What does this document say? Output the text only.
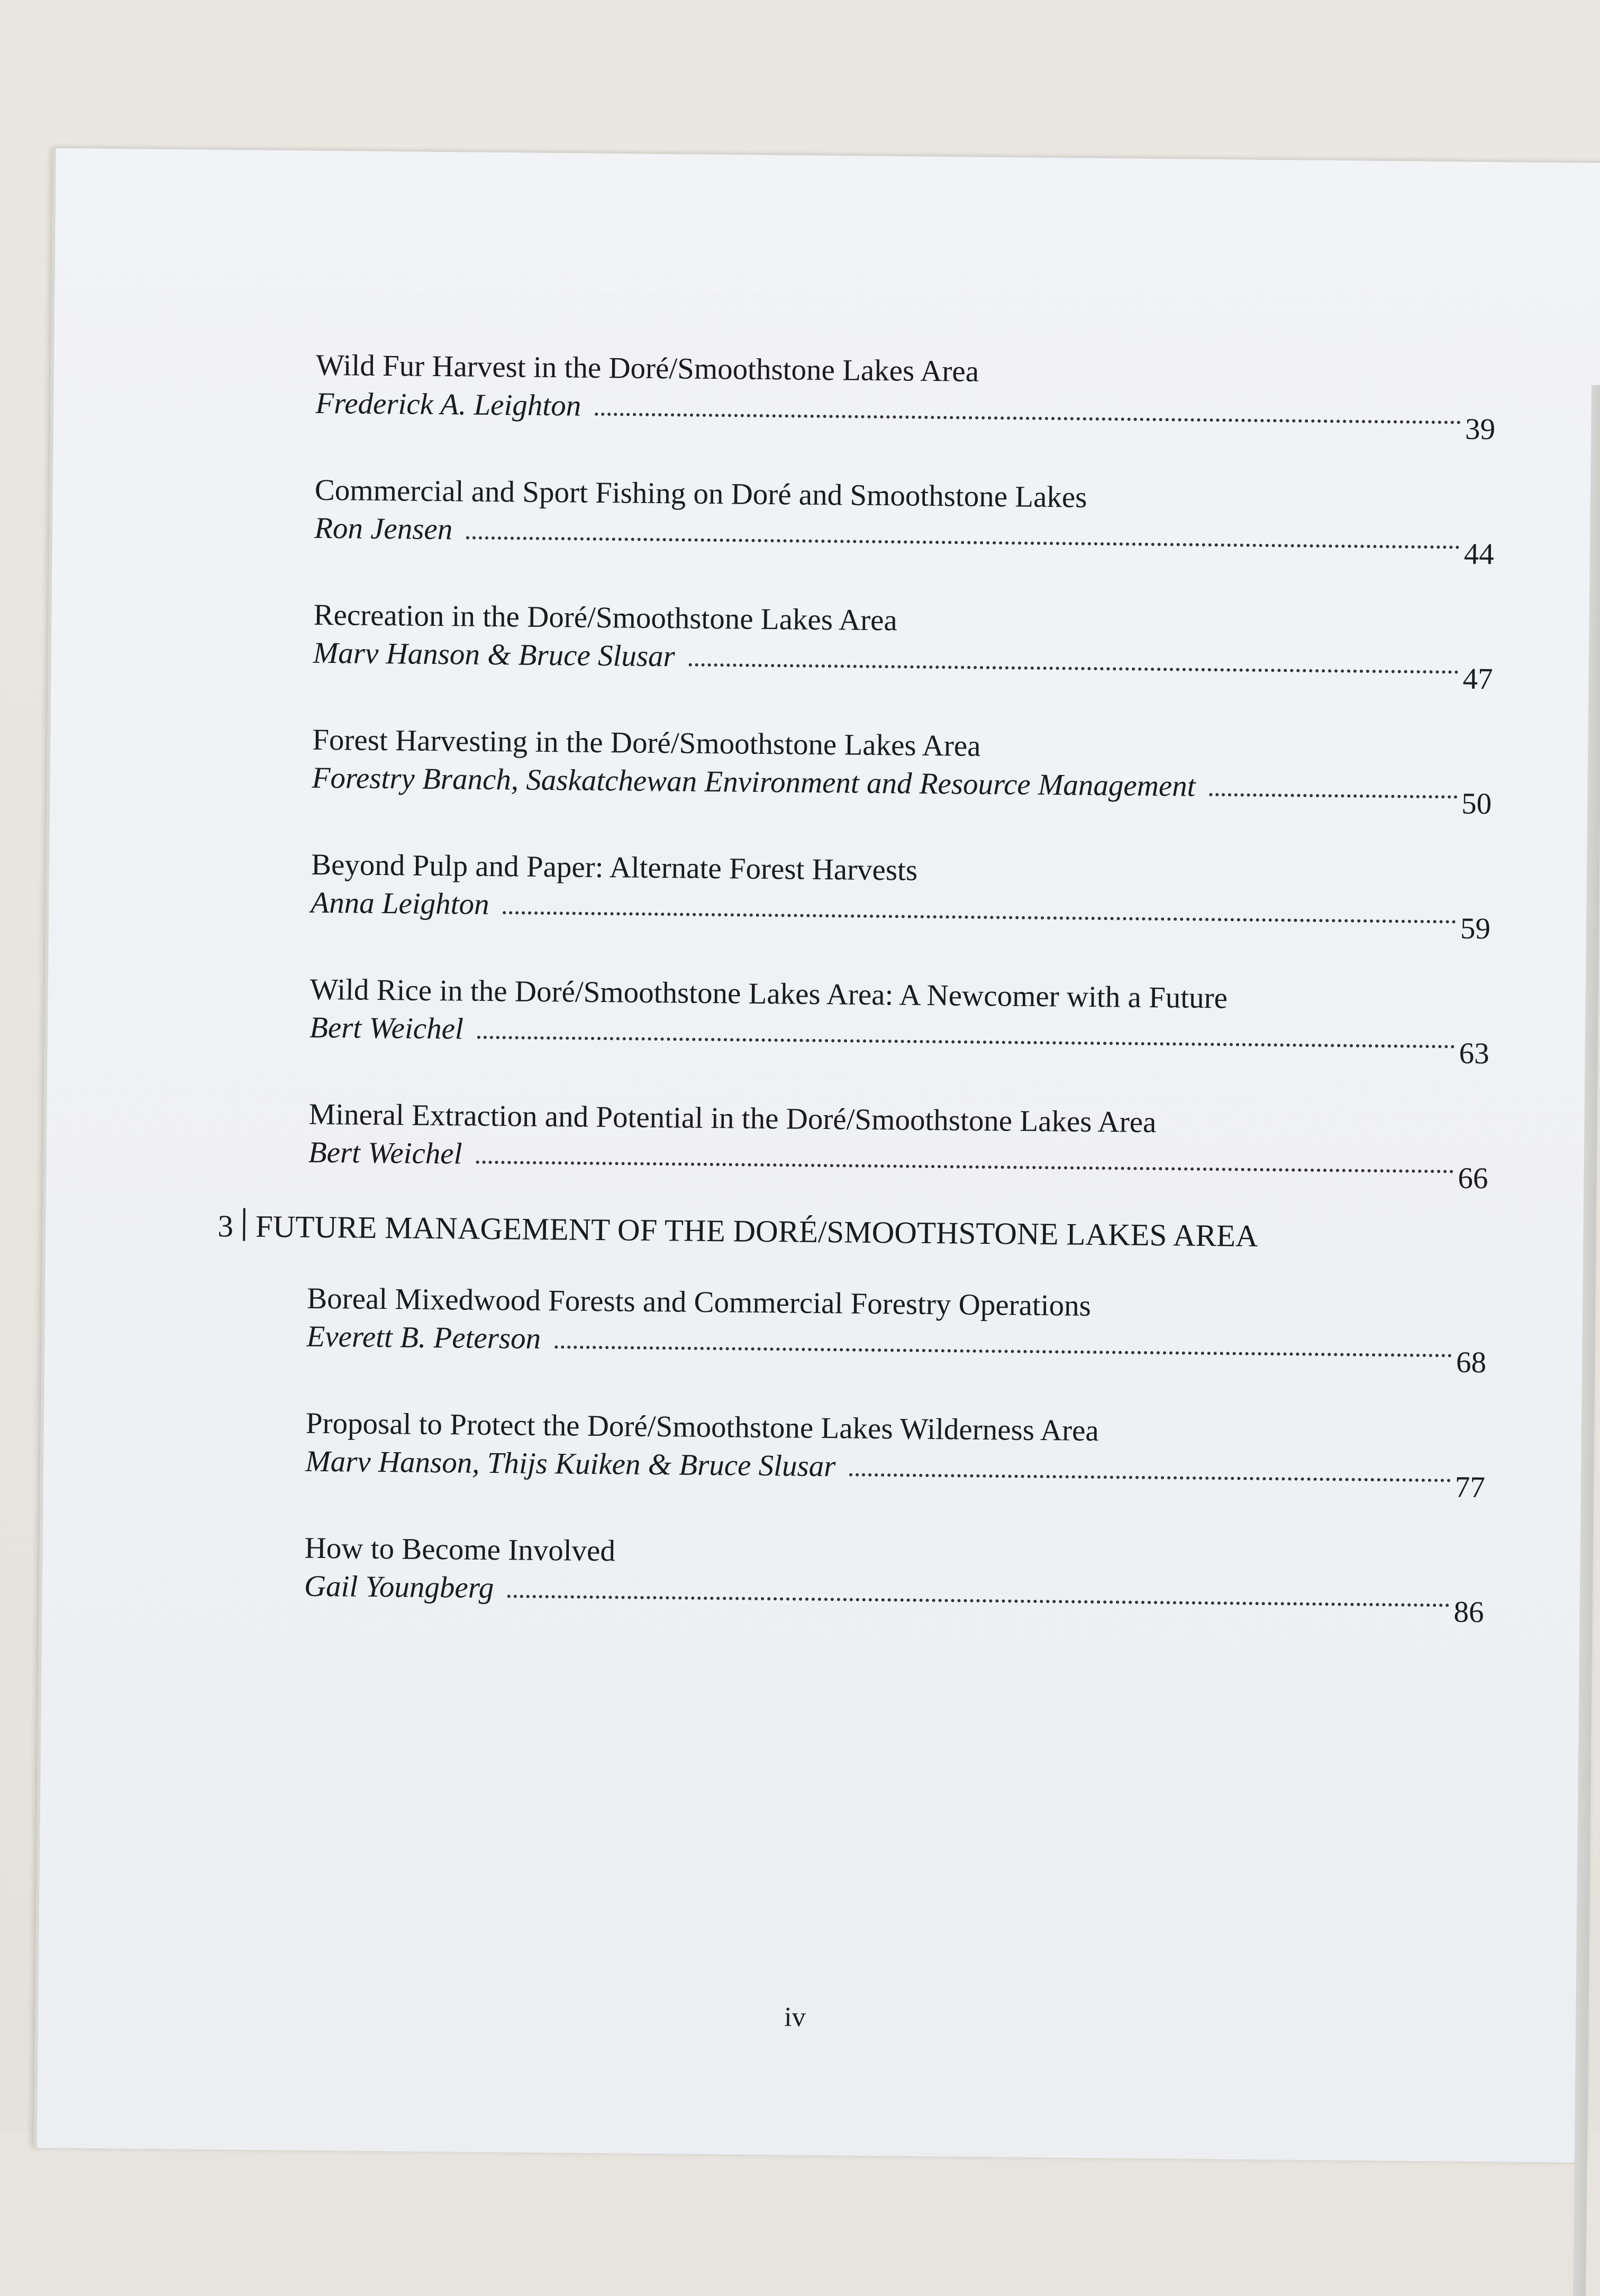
Wild Fur Harvest in the Doré/Smoothstone Lakes Area
Frederick A. Leighton
39
Commercial and Sport Fishing on Doré and Smoothstone Lakes
Ron Jensen
44
Recreation in the Doré/Smoothstone Lakes Area
Marv Hanson & Bruce Slusar
47
Forest Harvesting in the Doré/Smoothstone Lakes Area
Forestry Branch, Saskatchewan Environment and Resource Management
50
Beyond Pulp and Paper: Alternate Forest Harvests
Anna Leighton
59
Wild Rice in the Doré/Smoothstone Lakes Area: A Newcomer with a Future
Bert Weichel
63
Mineral Extraction and Potential in the Doré/Smoothstone Lakes Area
Bert Weichel
66
3 FUTURE MANAGEMENT OF THE DORÉ/SMOOTHSTONE LAKES AREA
Boreal Mixedwood Forests and Commercial Forestry Operations
Everett B. Peterson
68
Proposal to Protect the Doré/Smoothstone Lakes Wilderness Area
Marv Hanson, Thijs Kuiken & Bruce Slusar
77
How to Become Involved
Gail Youngberg
86
iv
